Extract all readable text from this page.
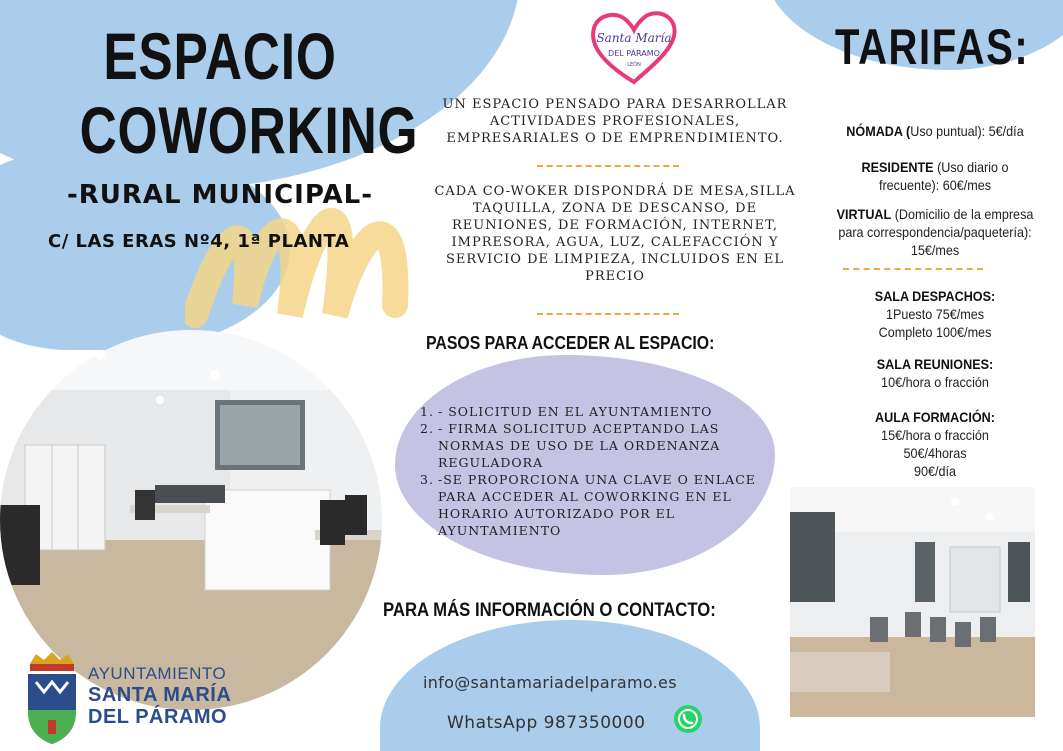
ESPACIO
COWORKING
-RURAL MUNICIPAL-
C/ LAS ERAS Nº4, 1ª PLANTA
AYUNTAMIENTO
SANTA MARÍA
DEL PÁRAMO
Santa María
DEL PÁRAMO
LEÓN
UN ESPACIO PENSADO PARA DESARROLLAR ACTIVIDADES PROFESIONALES, EMPRESARIALES O DE EMPRENDIMIENTO.
CADA CO-WOKER DISPONDRÁ DE MESA,SILLA TAQUILLA, ZONA DE DESCANSO, DE REUNIONES, DE FORMACIÓN, INTERNET, IMPRESORA, AGUA, LUZ, CALEFACCIÓN Y SERVICIO DE LIMPIEZA, INCLUIDOS EN EL PRECIO
PASOS PARA ACCEDER AL ESPACIO:
1. - SOLICITUD EN EL AYUNTAMIENTO
2. - FIRMA SOLICITUD ACEPTANDO LAS NORMAS DE USO DE LA ORDENANZA REGULADORA
3. -SE PROPORCIONA UNA CLAVE O ENLACE PARA ACCEDER AL COWORKING EN EL HORARIO AUTORIZADO POR EL AYUNTAMIENTO
PARA MÁS INFORMACIÓN O CONTACTO:
info@santamariadelparamo.es
WhatsApp 987350000
TARIFAS:
NÓMADA (Uso puntual): 5€/día
RESIDENTE (Uso diario o
frecuente): 60€/mes
VIRTUAL (Domicilio de la empresa
para correspondencia/paquetería):
15€/mes
SALA DESPACHOS:
1Puesto 75€/mes
Completo 100€/mes
SALA REUNIONES:
10€/hora o fracción
AULA FORMACIÓN:
15€/hora o fracción
50€/4horas
90€/día
